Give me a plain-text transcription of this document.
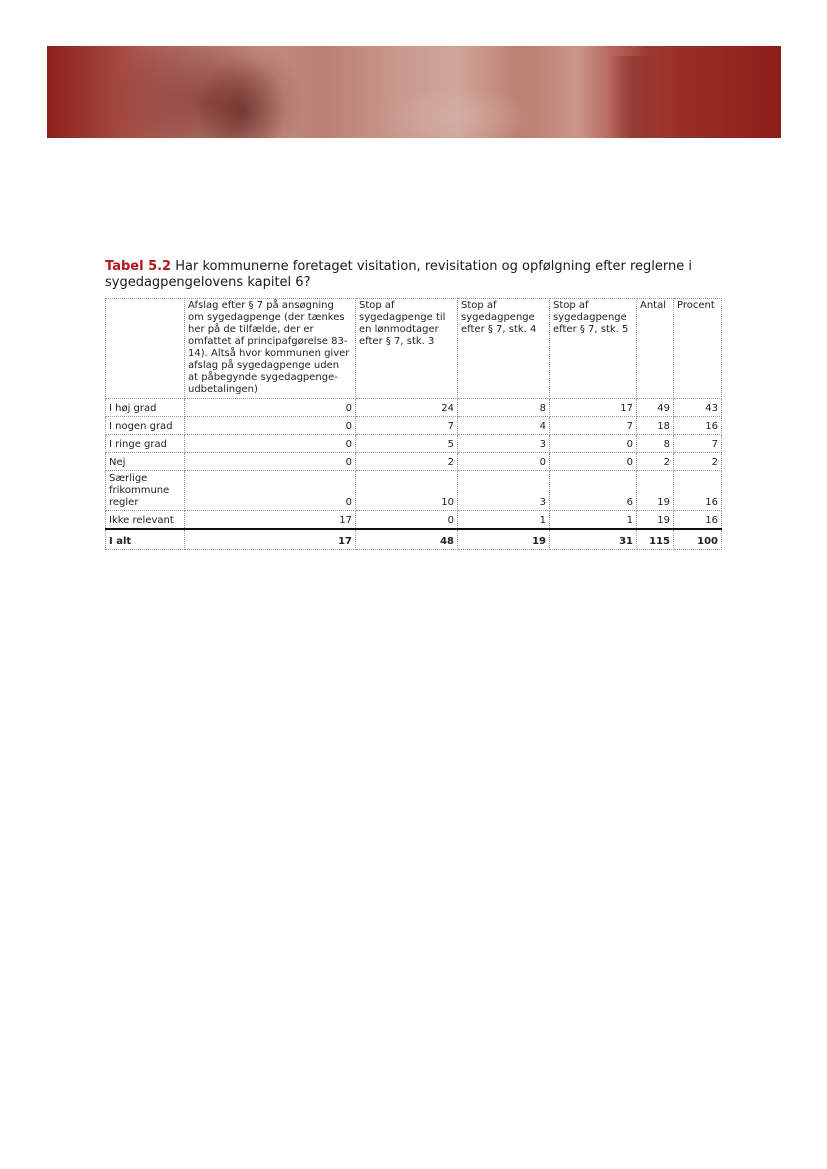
Tabel 5.2 Har kommunerne foretaget visitation, revisitation og opfølgning efter reglerne i sygedagpengelovens kapitel 6?
	Afslag efter § 7 på ansøgning om sygedagpenge (der tænkes her på de tilfælde, der er omfattet af principafgørelse 83-14). Altså hvor kommunen giver afslag på sygedagpenge uden at påbegynde sygedagpenge- udbetalingen)	Stop af sygedagpenge til en lønmodtager efter § 7, stk. 3	Stop af sygedagpenge efter § 7, stk. 4	Stop af sygedagpenge efter § 7, stk. 5	Antal	Procent
I høj grad	0	24	8	17	49	43
I nogen grad	0	7	4	7	18	16
I ringe grad	0	5	3	0	8	7
Nej	0	2	0	0	2	2
Særlige frikommune regler	0	10	3	6	19	16
Ikke relevant	17	0	1	1	19	16
I alt	17	48	19	31	115	100
